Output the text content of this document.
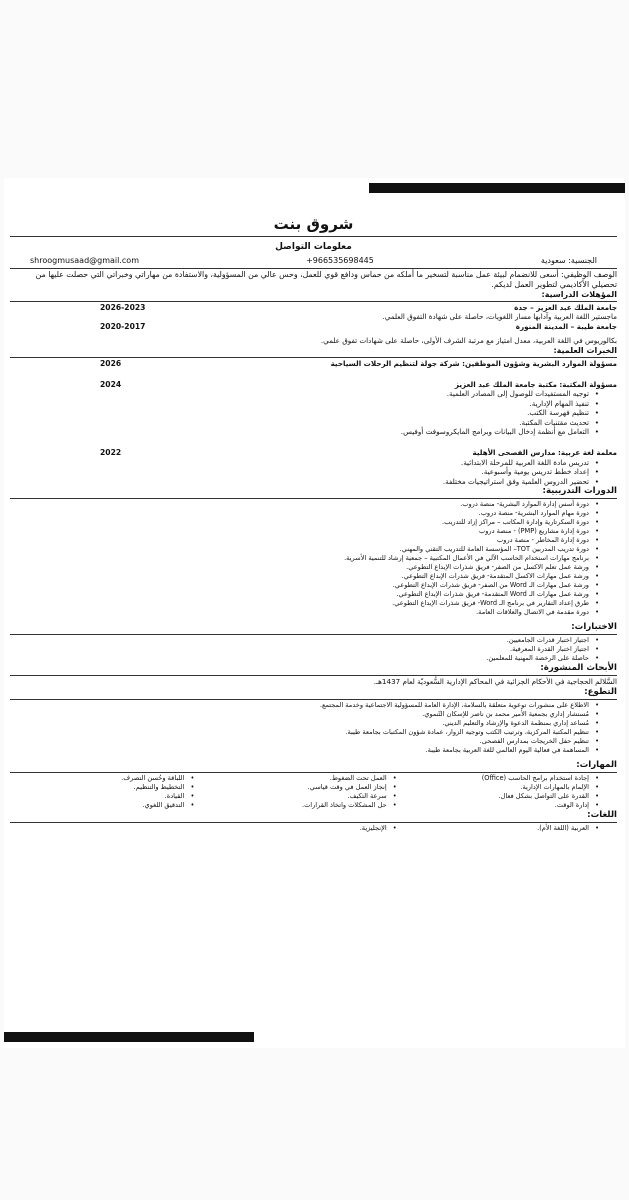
شروق بنت
معلومات التواصل
الجنسية: سعودية
+966535698445
shroogmusaad@gmail.com
الوصف الوظيفي: أسعى للانضمام لبيئة عمل مناسبة لتسخير ما أملكه من حماس ودافع قوي للعمل، وحس عالي من المسؤولية، والاستفادة من مهاراتي وخبراتي التي حصلت عليها من تحصيلي الأكاديمي لتطوير العمل لديكم.
المؤهلات الدراسية:
جامعة الملك عبد العزيز – جدة
2026-2023
ماجستير اللغة العربية وآدابها مسار اللغويات، حاصلة على شهادة التفوق العلمي.
جامعة طيبة – المدينة المنورة
2020-2017
بكالوريوس في اللغة العربية، معدل امتياز مع مرتبة الشرف الأولى، حاصلة على شهادات تفوق علمي.
الخبرات العلمية:
مسؤولة الموارد البشرية وشؤون الموظفين: شركة جولة لتنظيم الرحلات السياحية
2026
مسؤولة المكتبة: مكتبة جامعة الملك عبد العزيز
2024
• توجيه المستفيدات للوصول إلى المصادر العلمية.
• تنفيذ المهام الإدارية.
• تنظيم فهرسة الكتب.
• تحديث مقتنيات المكتبة.
• التعامل مع أنظمة إدخال البيانات وبرامج المايكروسوفت أوفيس.
معلمة لغة عربية: مدارس الفصحى الأهلية
2022
• تدريس مادة اللغة العربية للمرحلة الابتدائية.
• إعداد خطط تدريس يومية وأسبوعية.
• تحضير الدروس العلمية وفق استراتيجيات مختلفة.
الدورات التدريبية:
• دورة أسس إدارة الموارد البشرية- منصة دروب.
• دورة مهام الموارد البشرية- منصة دروب.
• دورة السكرتارية وإدارة المكاتب – مراكز إزاد للتدريب.
• دورة إدارة مشاريع (PMP) - منصة دروب
• دورة إدارة المخاطر - منصة دروب
• دورة تدريب المدربين TOT– المؤسسة العامة للتدريب التقني والمهني.
• برنامج مهارات استخدام الحاسب الآلي في الأعمال المكتبية – جمعية إرشاد للتنمية الأسرية.
• ورشة عمل تعلم الاكسل من الصفر- فريق شذرات الإبداع التطوعي.
• ورشة عمل مهارات الاكسل المتقدمة- فريق شذرات الإبداع التطوعي.
• ورشة عمل مهارات الـ Word من الصفر- فريق شذرات الإبداع التطوعي.
• ورشة عمل مهارات الـ Word المتقدمة- فريق شذرات الإبداع التطوعي.
• طرق إعداد التقارير في برنامج الـ Word- فريق شذرات الإبداع التطوعي.
• دورة مقدمة في الاتصال والعلاقات العامة.
الاختبارات:
• اجتياز اختبار قدرات الجامعيين.
• اجتياز اختبار القدرة المعرفية.
• حاصلة على الرخصة المهنية للمعلمين.
الأبحاث المنشورة:
السَّلالم الحجاجية في الأحكام الجزائية في المحاكم الإدارية السُّعوديّة لعام 1437هـ.
التطوع:
• الاطلاع على منشورات توعوية متعلقة بالسلامة، الإدارة العامة للمسؤولية الاجتماعية وخدمة المجتمع.
• مُستشار إداري بجمعية الأمير محمد بن ناصر للإسكان التّنموي.
• مُساعد إداري بمنظمة الدعوة والإرشاد والتعليم الديني.
• تنظيم المكتبة المركزية، وترتيب الكتب وتوجيه الزوار، عمادة شؤون المكتبات بجامعة طيبة.
• تنظيم حفل الخريجات بمدارس الفصحى.
• المساهمة في فعالية اليوم العالمي للغة العربية بجامعة طيبة.
المهارات:
• إجادة استخدام برامج الحاسب (Office)
• الإلمام بالمهارات الإدارية.
• القدرة على التواصل بشكل فعال.
• إدارة الوقت.
• العمل تحت الضغوط.
• إنجاز العمل في وقت قياسي.
• سرعة التكيف.
• حل المشكلات واتخاذ القرارات.
• اللباقة وحُسن التصرف.
• التخطيط والتنظيم.
• القيادة.
• التدقيق اللغوي.
اللغات:
• العربية (اللغة الأم).
• الإنجليزية.
